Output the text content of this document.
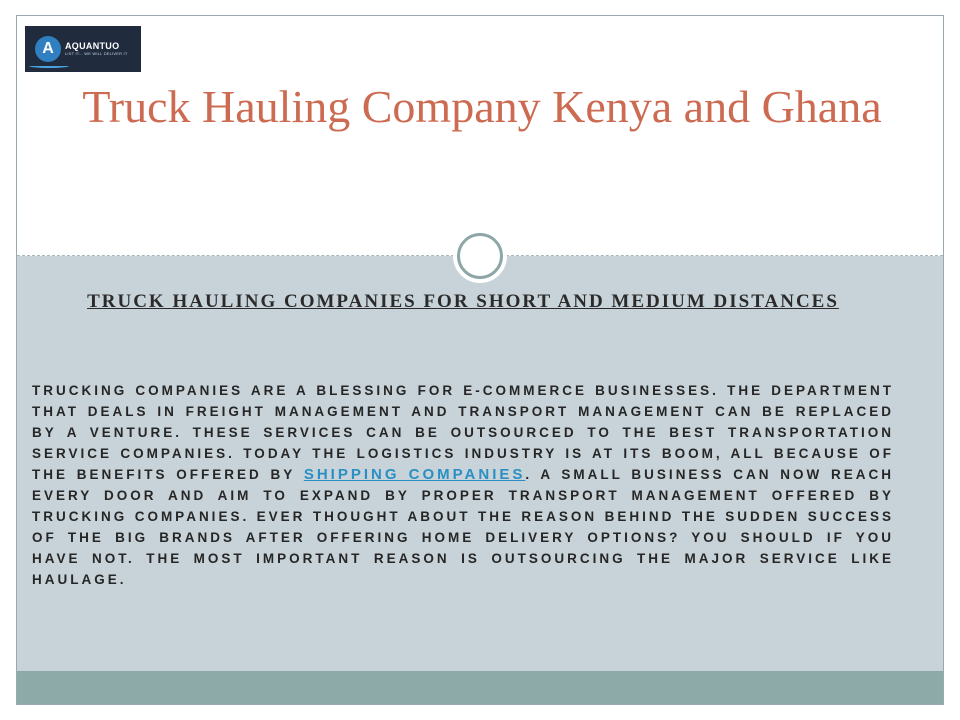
A	AQUANTUO
LIST IT... WE WILL DELIVER IT
Truck Hauling Company Kenya and Ghana
TRUCK HAULING COMPANIES FOR SHORT AND MEDIUM DISTANCES

TRUCKING COMPANIES ARE A BLESSING FOR E-COMMERCE BUSINESSES. THE DEPARTMENT THAT DEALS IN FREIGHT MANAGEMENT AND TRANSPORT MANAGEMENT CAN BE REPLACED BY A VENTURE. THESE SERVICES CAN BE OUTSOURCED TO THE BEST TRANSPORTATION SERVICE COMPANIES. TODAY THE LOGISTICS INDUSTRY IS AT ITS BOOM, ALL BECAUSE OF THE BENEFITS OFFERED BY SHIPPING COMPANIES. A SMALL BUSINESS CAN NOW REACH EVERY DOOR AND AIM TO EXPAND BY PROPER TRANSPORT MANAGEMENT OFFERED BY TRUCKING COMPANIES. EVER THOUGHT ABOUT THE REASON BEHIND THE SUDDEN SUCCESS OF THE BIG BRANDS AFTER OFFERING HOME DELIVERY OPTIONS? YOU SHOULD IF YOU HAVE NOT. THE MOST IMPORTANT REASON IS OUTSOURCING THE MAJOR SERVICE LIKE HAULAGE.
